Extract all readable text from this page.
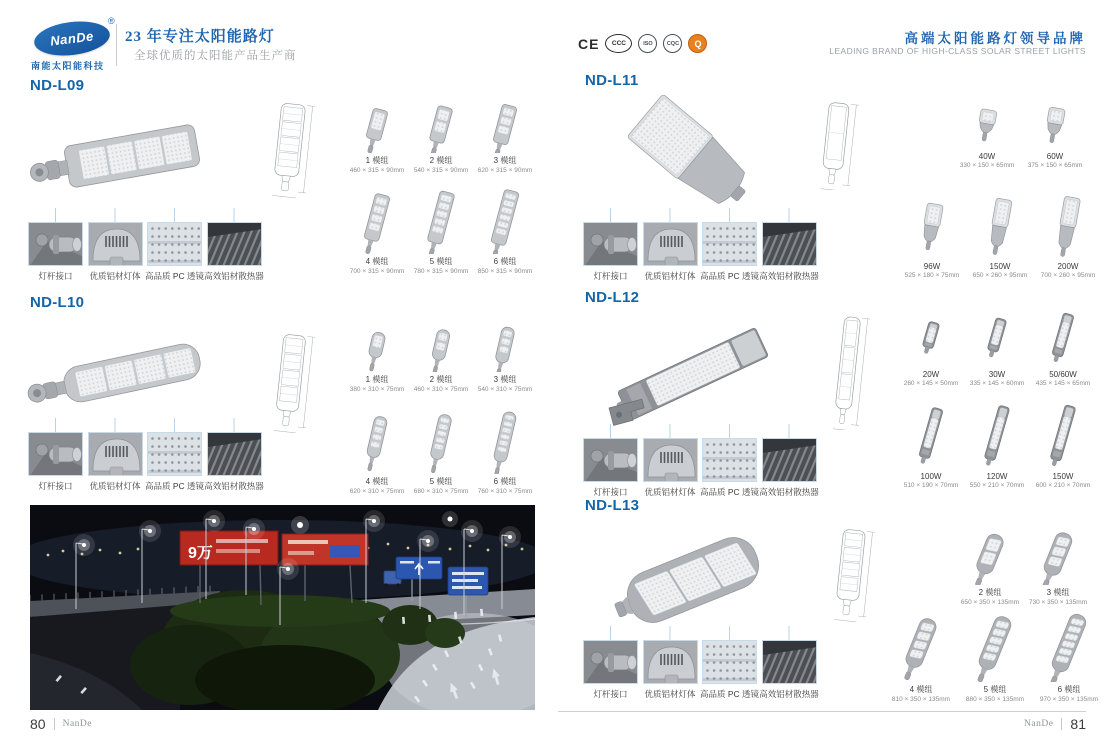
NanDe
®
南能太阳能科技
23 年专注太阳能路灯
全球优质的太阳能产品生产商
CE	CCC	ISO	CQC	Q	高端太阳能路灯领导品牌
LEADING BRAND OF HIGH-CLASS SOLAR STREET LIGHTS
ND-L09
ND-L10
ND-L11
ND-L12
ND-L13
9万
80 NanDe	NanDe 81
1 模组
460 × 315 × 90mm
2 模组
540 × 315 × 90mm
3 模组
620 × 315 × 90mm
4 模组
700 × 315 × 90mm
5 模组
780 × 315 × 90mm
6 模组
850 × 315 × 90mm
灯杆接口	优质铝材灯体 高品质 PC 透镜 高效铝材散热器
1 模组
380 × 310 × 75mm
2 模组
460 × 310 × 75mm
3 模组
540 × 310 × 75mm
4 模组
620 × 310 × 75mm
5 模组
680 × 310 × 75mm
6 模组
760 × 310 × 75mm
灯杆接口	优质铝材灯体 高品质 PC 透镜 高效铝材散热器
40W
330 × 150 × 65mm
60W
375 × 150 × 65mm
96W
525 × 180 × 75mm
150W
650 × 260 × 95mm
200W
700 × 260 × 95mm
灯杆接口	优质铝材灯体 高品质 PC 透镜 高效铝材散热器
20W
260 × 145 × 50mm
30W
335 × 145 × 60mm
50/60W
435 × 145 × 65mm
100W
510 × 190 × 70mm
120W
550 × 210 × 70mm
150W
600 × 210 × 70mm
灯杆接口	优质铝材灯体 高品质 PC 透镜 高效铝材散热器
2 模组
650 × 350 × 135mm
3 模组
730 × 350 × 135mm
4 模组
810 × 350 × 135mm
5 模组
880 × 350 × 135mm
6 模组
970 × 350 × 135mm
灯杆接口	优质铝材灯体 高品质 PC 透镜 高效铝材散热器
